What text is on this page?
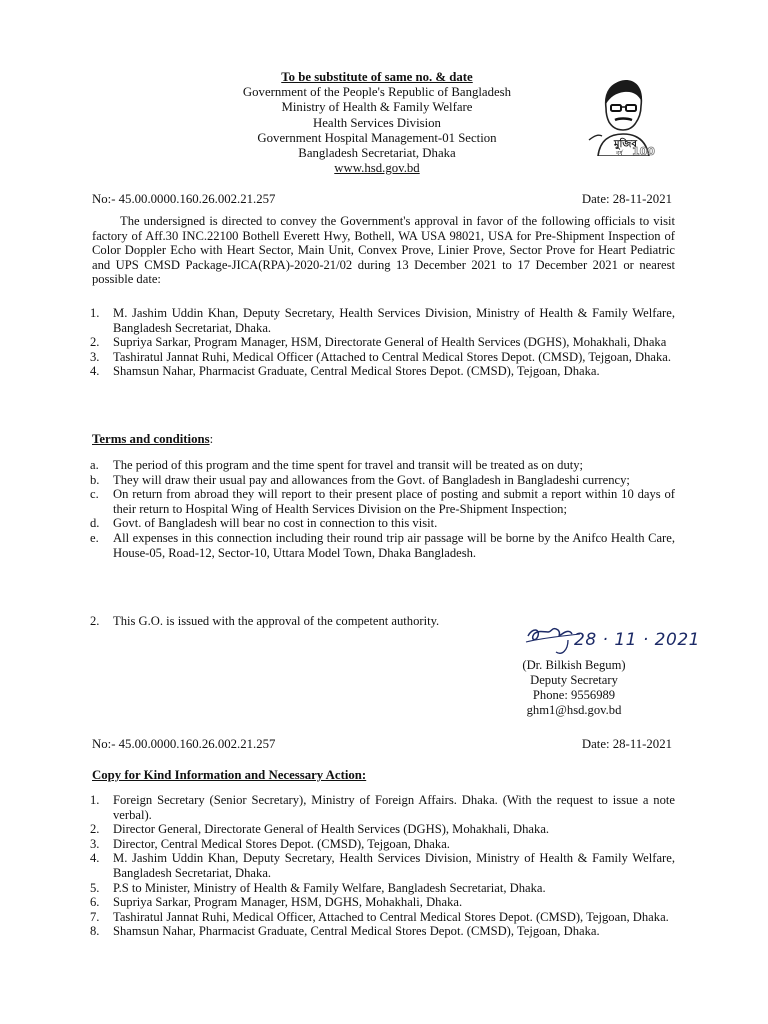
To be substitute of same no. & date
Government of the People's Republic of Bangladesh
Ministry of Health & Family Welfare
Health Services Division
Government Hospital Management-01 Section
Bangladesh Secretariat, Dhaka
www.hsd.gov.bd
মুজিব
বর্ষ 100
No:- 45.00.0000.160.26.002.21.257	Date: 28-11-2021
The undersigned is directed to convey the Government's approval in favor of the following officials to visit factory of Aff.30 INC.22100 Bothell Everett Hwy, Bothell, WA USA 98021, USA for Pre-Shipment Inspection of Color Doppler Echo with Heart Sector, Main Unit, Convex Prove, Linier Prove, Sector Prove for Heart Pediatric and UPS CMSD Package-JICA(RPA)-2020-21/02 during 13 December 2021 to 17 December 2021 or nearest possible date:
1. M. Jashim Uddin Khan, Deputy Secretary, Health Services Division, Ministry of Health & Family Welfare, Bangladesh Secretariat, Dhaka.
2. Supriya Sarkar, Program Manager, HSM, Directorate General of Health Services (DGHS), Mohakhali, Dhaka
3. Tashiratul Jannat Ruhi, Medical Officer (Attached to Central Medical Stores Depot. (CMSD), Tejgoan, Dhaka.
4. Shamsun Nahar, Pharmacist Graduate, Central Medical Stores Depot. (CMSD), Tejgoan, Dhaka.
Terms and conditions:
a. The period of this program and the time spent for travel and transit will be treated as on duty;
b. They will draw their usual pay and allowances from the Govt. of Bangladesh in Bangladeshi currency;
c. On return from abroad they will report to their present place of posting and submit a report within 10 days of their return to Hospital Wing of Health Services Division on the Pre-Shipment Inspection;
d. Govt. of Bangladesh will bear no cost in connection to this visit.
e. All expenses in this connection including their round trip air passage will be borne by the Anifco Health Care, House-05, Road-12, Sector-10, Uttara Model Town, Dhaka Bangladesh.
2. This G.O. is issued with the approval of the competent authority.
28 · 11 · 2021
(Dr. Bilkish Begum)
Deputy Secretary
Phone: 9556989
ghm1@hsd.gov.bd
No:- 45.00.0000.160.26.002.21.257	Date: 28-11-2021
Copy for Kind Information and Necessary Action:
1. Foreign Secretary (Senior Secretary), Ministry of Foreign Affairs. Dhaka. (With the request to issue a note verbal).
2. Director General, Directorate General of Health Services (DGHS), Mohakhali, Dhaka.
3. Director, Central Medical Stores Depot. (CMSD), Tejgoan, Dhaka.
4. M. Jashim Uddin Khan, Deputy Secretary, Health Services Division, Ministry of Health & Family Welfare, Bangladesh Secretariat, Dhaka.
5. P.S to Minister, Ministry of Health & Family Welfare, Bangladesh Secretariat, Dhaka.
6. Supriya Sarkar, Program Manager, HSM, DGHS, Mohakhali, Dhaka.
7. Tashiratul Jannat Ruhi, Medical Officer, Attached to Central Medical Stores Depot. (CMSD), Tejgoan, Dhaka.
8. Shamsun Nahar, Pharmacist Graduate, Central Medical Stores Depot. (CMSD), Tejgoan, Dhaka.
